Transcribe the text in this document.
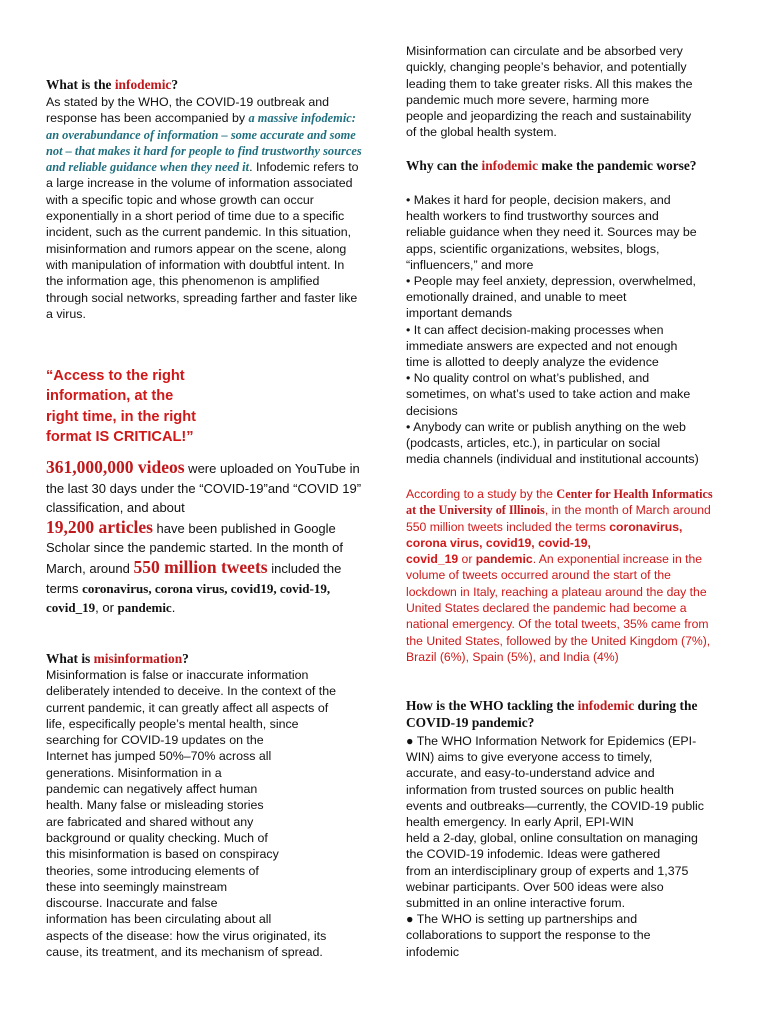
What is the infodemic?

As stated by the WHO, the COVID-19 outbreak and response has been accompanied by a massive infodemic: an overabundance of information – some accurate and some not – that makes it hard for people to find trustworthy sources and reliable guidance when they need it. Infodemic refers to a large increase in the volume of information associated with a specific topic and whose growth can occur exponentially in a short period of time due to a specific incident, such as the current pandemic. In this situation, misinformation and rumors appear on the scene, along with manipulation of information with doubtful intent. In the information age, this phenomenon is amplified through social networks, spreading farther and faster like a virus.

“Access to the right
information, at the
right time, in the right
format IS CRITICAL!”

361,000,000 videos were uploaded on YouTube in the last 30 days under the “COVID-19”and “COVID 19” classification, and about
19,200 articles have been published in Google Scholar since the pandemic started. In the month of March, around 550 million tweets included the terms coronavirus, corona virus, covid19, covid-19, covid_19, or pandemic.

What is misinformation?

Misinformation is false or inaccurate information
deliberately intended to deceive. In the context of the
current pandemic, it can greatly affect all aspects of
life, especifically people’s mental health, since
searching for COVID-19 updates on the
Internet has jumped 50%–70% across all
generations. Misinformation in a
pandemic can negatively affect human
health. Many false or misleading stories
are fabricated and shared without any
background or quality checking. Much of
this misinformation is based on conspiracy
theories, some introducing elements of
these into seemingly mainstream
discourse. Inaccurate and false
information has been circulating about all
aspects of the disease: how the virus originated, its
cause, its treatment, and its mechanism of spread.

Misinformation can circulate and be absorbed very
quickly, changing people’s behavior, and potentially
leading them to take greater risks. All this makes the
pandemic much more severe, harming more
people and jeopardizing the reach and sustainability
of the global health system.

Why can the infodemic make the pandemic worse?
• Makes it hard for people, decision makers, and
health workers to find trustworthy sources and
reliable guidance when they need it. Sources may be
apps, scientific organizations, websites, blogs,
“influencers,” and more
• People may feel anxiety, depression, overwhelmed,
emotionally drained, and unable to meet
important demands
• It can affect decision-making processes when
immediate answers are expected and not enough
time is allotted to deeply analyze the evidence
• No quality control on what’s published, and
sometimes, on what’s used to take action and make
decisions
• Anybody can write or publish anything on the web
(podcasts, articles, etc.), in particular on social
media channels (individual and institutional accounts)

According to a study by the Center for Health Informatics at the University of Illinois, in the month of March around 550 million tweets included the terms coronavirus, corona virus, covid19, covid-19,
covid_19 or pandemic. An exponential increase in the volume of tweets occurred around the start of the lockdown in Italy, reaching a plateau around the day the United States declared the pandemic had become a national emergency. Of the total tweets, 35% came from the United States, followed by the United Kingdom (7%), Brazil (6%), Spain (5%), and India (4%)

How is the WHO tackling the infodemic during the COVID-19 pandemic?
● The WHO Information Network for Epidemics (EPI-
WIN) aims to give everyone access to timely,
accurate, and easy-to-understand advice and
information from trusted sources on public health
events and outbreaks—currently, the COVID-19 public
health emergency. In early April, EPI-WIN
held a 2-day, global, online consultation on managing
the COVID-19 infodemic. Ideas were gathered
from an interdisciplinary group of experts and 1,375
webinar participants. Over 500 ideas were also
submitted in an online interactive forum.
● The WHO is setting up partnerships and
collaborations to support the response to the
infodemic
